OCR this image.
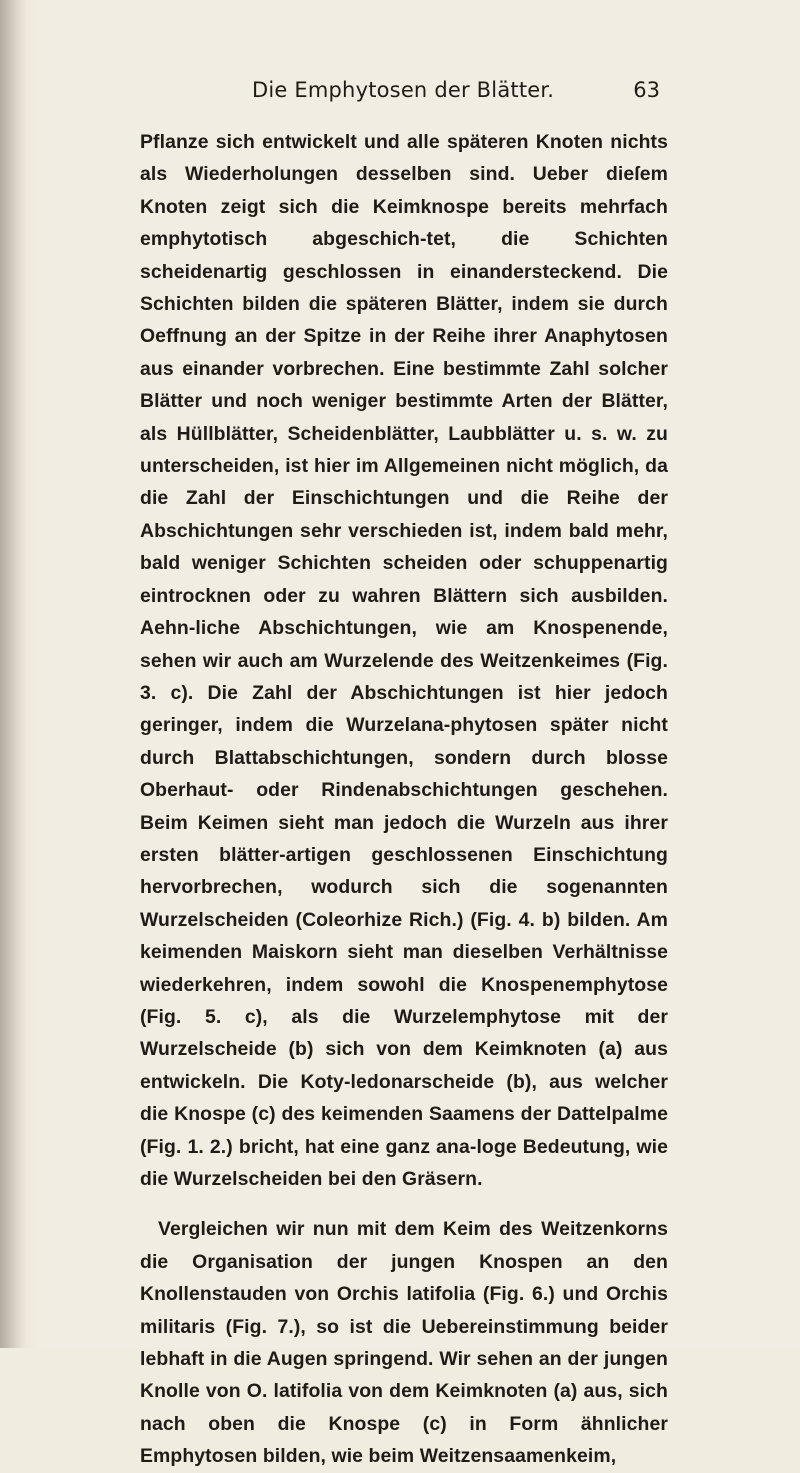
Die Emphytosen der Blätter.	63

Pflanze sich entwickelt und alle späteren Knoten nichts als Wiederholungen desselben sind. Ueber dieſem Knoten zeigt sich die Keimknospe bereits mehrfach emphytotisch abgeschich-tet, die Schichten scheidenartig geschlossen in einandersteckend. Die Schichten bilden die späteren Blätter, indem sie durch Oeffnung an der Spitze in der Reihe ihrer Anaphytosen aus einander vorbrechen. Eine bestimmte Zahl solcher Blätter und noch weniger bestimmte Arten der Blätter, als Hüllblätter, Scheidenblätter, Laubblätter u. s. w. zu unterscheiden, ist hier im Allgemeinen nicht möglich, da die Zahl der Einschichtungen und die Reihe der Abschichtungen sehr verschieden ist, indem bald mehr, bald weniger Schichten scheiden oder schuppenartig eintrocknen oder zu wahren Blättern sich ausbilden. Aehn-liche Abschichtungen, wie am Knospenende, sehen wir auch am Wurzelende des Weitzenkeimes (Fig. 3. c). Die Zahl der Abschichtungen ist hier jedoch geringer, indem die Wurzelana-phytosen später nicht durch Blattabschichtungen, sondern durch blosse Oberhaut- oder Rindenabschichtungen geschehen. Beim Keimen sieht man jedoch die Wurzeln aus ihrer ersten blätter-artigen geschlossenen Einschichtung hervorbrechen, wodurch sich die sogenannten Wurzelscheiden (Coleorhize Rich.) (Fig. 4. b) bilden. Am keimenden Maiskorn sieht man dieselben Verhältnisse wiederkehren, indem sowohl die Knospenemphytose (Fig. 5. c), als die Wurzelemphytose mit der Wurzelscheide (b) sich von dem Keimknoten (a) aus entwickeln. Die Koty-ledonarscheide (b), aus welcher die Knospe (c) des keimenden Saamens der Dattelpalme (Fig. 1. 2.) bricht, hat eine ganz ana-loge Bedeutung, wie die Wurzelscheiden bei den Gräsern.

Vergleichen wir nun mit dem Keim des Weitzenkorns die Organisation der jungen Knospen an den Knollenstauden von Orchis latifolia (Fig. 6.) und Orchis militaris (Fig. 7.), so ist die Uebereinstimmung beider lebhaft in die Augen springend. Wir sehen an der jungen Knolle von O. latifolia von dem Keimknoten (a) aus, sich nach oben die Knospe (c) in Form ähnlicher Emphytosen bilden, wie beim Weitzensaamenkeim,
